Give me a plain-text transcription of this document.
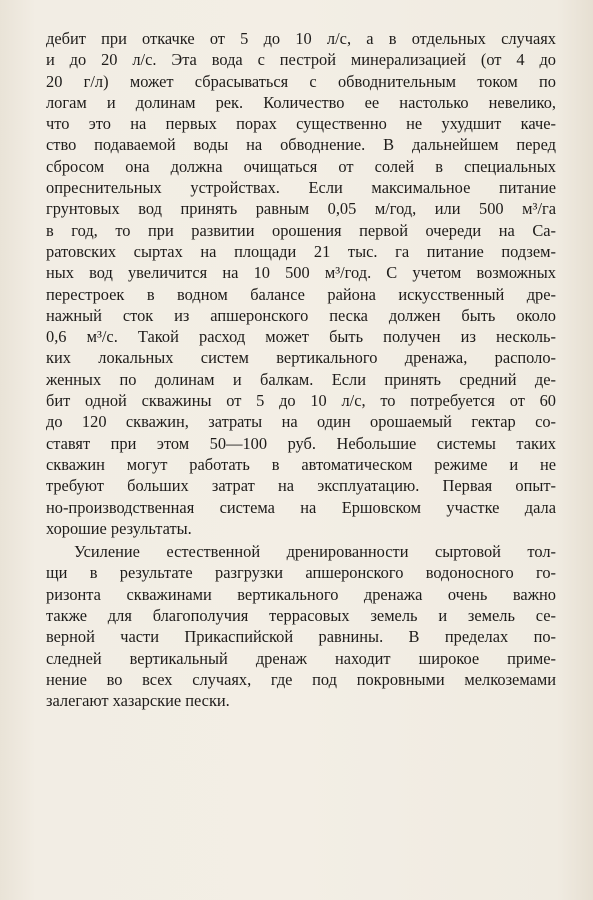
дебит при откачке от 5 до 10 л/с, а в отдельных случаях
и до 20 л/с. Эта вода с пестрой минерализацией (от 4 до
20 г/л) может сбрасываться с обводнительным током по
логам и долинам рек. Количество ее настолько невелико,
что это на первых порах существенно не ухудшит каче-
ство подаваемой воды на обводнение. В дальнейшем перед
сбросом она должна очищаться от солей в специальных
опреснительных устройствах. Если максимальное питание
грунтовых вод принять равным 0,05 м/год, или 500 м³/га
в год, то при развитии орошения первой очереди на Са-
ратовских сыртах на площади 21 тыс. га питание подзем-
ных вод увеличится на 10 500 м³/год. С учетом возможных
перестроек в водном балансе района искусственный дре-
нажный сток из апшеронского песка должен быть около
0,6 м³/с. Такой расход может быть получен из несколь-
ких локальных систем вертикального дренажа, располо-
женных по долинам и балкам. Если принять средний де-
бит одной скважины от 5 до 10 л/с, то потребуется от 60
до 120 скважин, затраты на один орошаемый гектар со-
ставят при этом 50—100 руб. Небольшие системы таких
скважин могут работать в автоматическом режиме и не
требуют больших затрат на эксплуатацию. Первая опыт-
но-производственная система на Ершовском участке дала
хорошие результаты.
Усиление естественной дренированности сыртовой тол-
щи в результате разгрузки апшеронского водоносного го-
ризонта скважинами вертикального дренажа очень важно
также для благополучия террасовых земель и земель се-
верной части Прикаспийской равнины. В пределах по-
следней вертикальный дренаж находит широкое приме-
нение во всех случаях, где под покровными мелкоземами
залегают хазарские пески.
